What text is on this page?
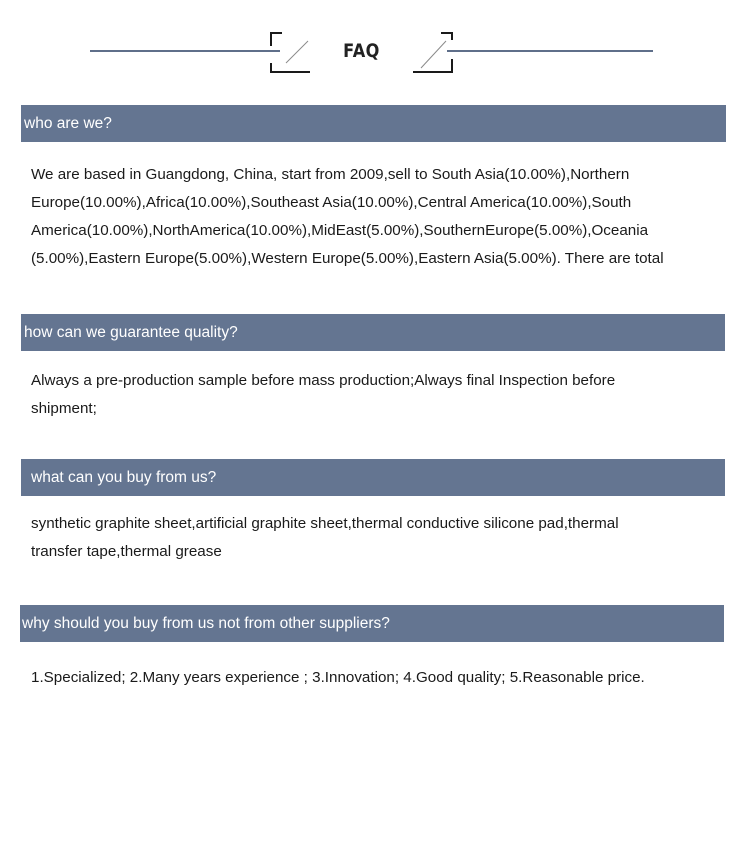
FAQ
who are we?
We are based in Guangdong, China, start from 2009,sell to South Asia(10.00%),Northern
Europe(10.00%),Africa(10.00%),Southeast Asia(10.00%),Central America(10.00%),South
America(10.00%),NorthAmerica(10.00%),MidEast(5.00%),SouthernEurope(5.00%),Oceania
(5.00%),Eastern Europe(5.00%),Western Europe(5.00%),Eastern Asia(5.00%). There are total
how can we guarantee quality?
Always a pre-production sample before mass production;Always final Inspection before
shipment;
what can you buy from us?
synthetic graphite sheet,artificial graphite sheet,thermal conductive silicone pad,thermal
transfer tape,thermal grease
why should you buy from us not from other suppliers?
1.Specialized; 2.Many years experience ; 3.Innovation; 4.Good quality; 5.Reasonable price.
